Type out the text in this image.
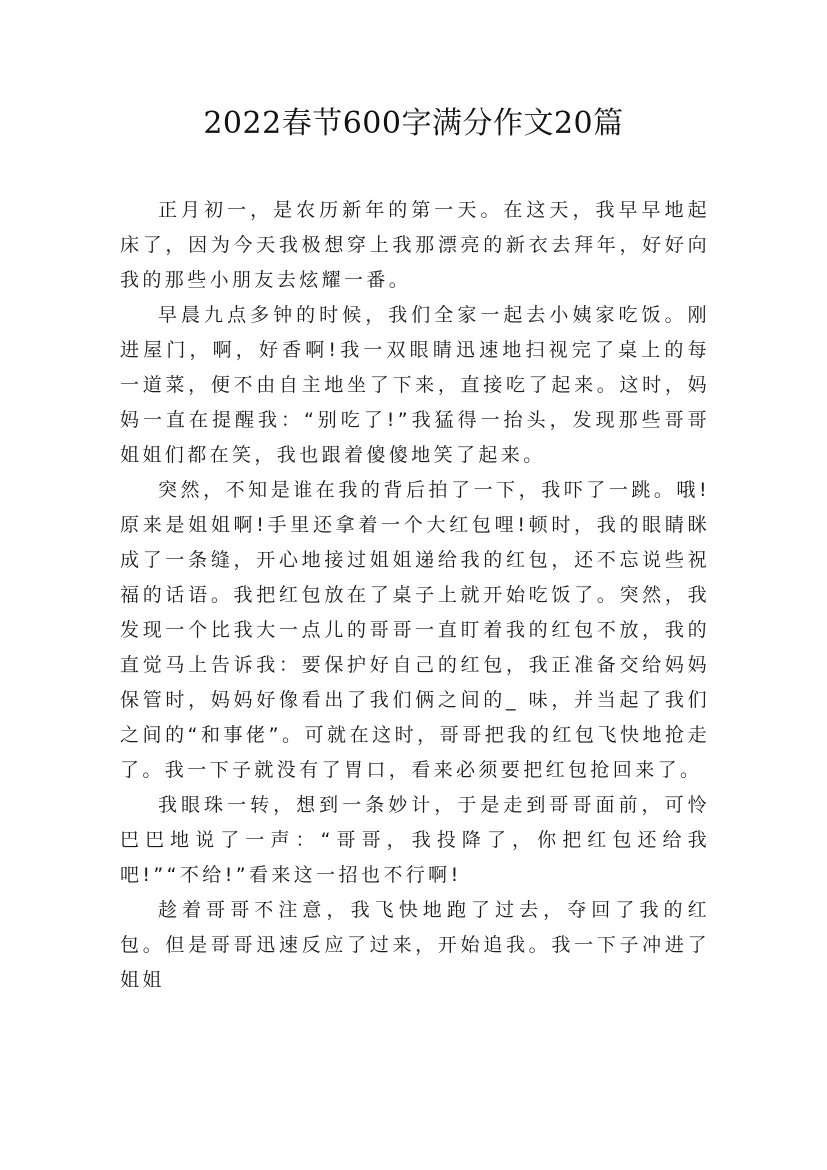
2022春节600字满分作文20篇

正月初一，是农历新年的第一天。在这天，我早早地起床了，因为今天我极想穿上我那漂亮的新衣去拜年，好好向我的那些小朋友去炫耀一番。

早晨九点多钟的时候，我们全家一起去小姨家吃饭。刚进屋门，啊，好香啊!我一双眼睛迅速地扫视完了桌上的每一道菜，便不由自主地坐了下来，直接吃了起来。这时，妈妈一直在提醒我：“别吃了!”我猛得一抬头，发现那些哥哥姐姐们都在笑，我也跟着傻傻地笑了起来。

突然，不知是谁在我的背后拍了一下，我吓了一跳。哦!原来是姐姐啊!手里还拿着一个大红包哩!顿时，我的眼睛眯成了一条缝，开心地接过姐姐递给我的红包，还不忘说些祝福的话语。我把红包放在了桌子上就开始吃饭了。突然，我发现一个比我大一点儿的哥哥一直盯着我的红包不放，我的直觉马上告诉我：要保护好自己的红包，我正准备交给妈妈保管时，妈妈好像看出了我们俩之间的_ 味，并当起了我们之间的“和事佬”。可就在这时，哥哥把我的红包飞快地抢走了。我一下子就没有了胃口，看来必须要把红包抢回来了。

我眼珠一转，想到一条妙计，于是走到哥哥面前，可怜巴巴地说了一声：“哥哥，我投降了，你把红包还给我吧!”“不给!”看来这一招也不行啊!

趁着哥哥不注意，我飞快地跑了过去，夺回了我的红包。但是哥哥迅速反应了过来，开始追我。我一下子冲进了姐姐
